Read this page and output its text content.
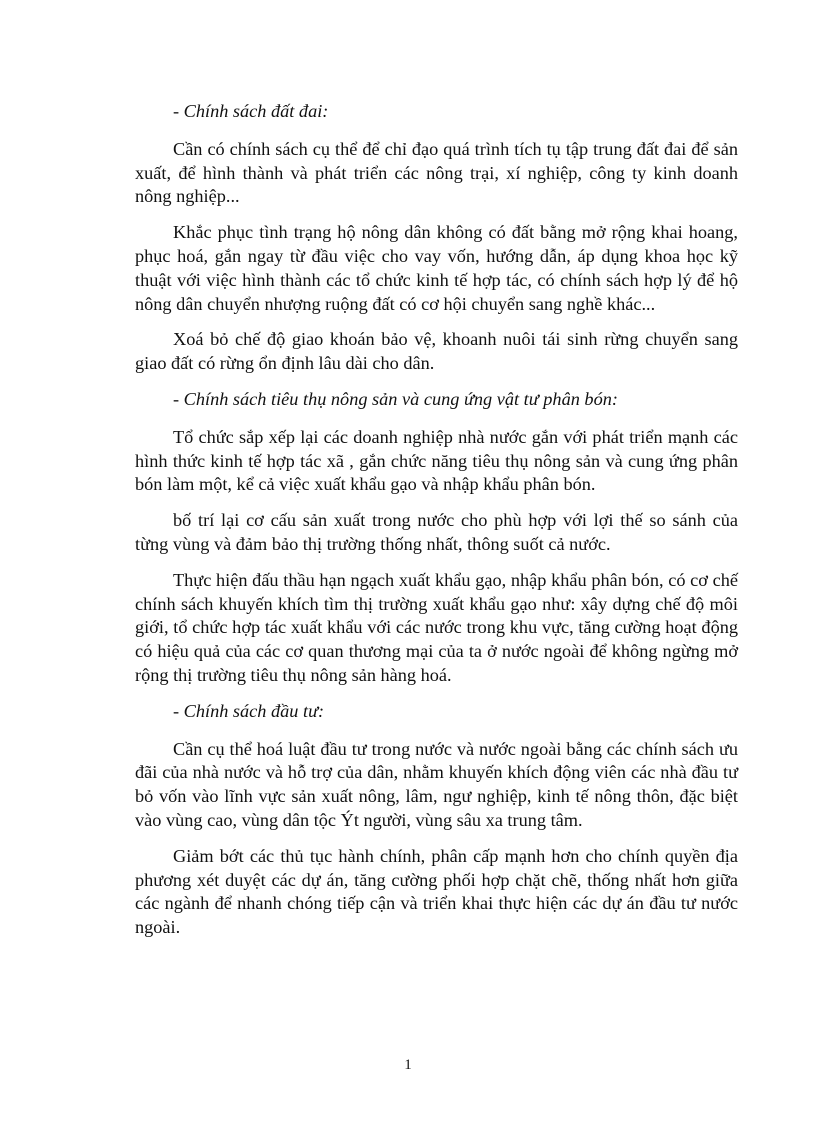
- Chính sách đất đai:

Cần có chính sách cụ thể để chỉ đạo quá trình tích tụ tập trung đất đai để sản xuất, để hình thành và phát triển các nông trại, xí nghiệp, công ty kinh doanh nông nghiệp...

Khắc phục tình trạng hộ nông dân không có đất bằng mở rộng khai hoang, phục hoá, gắn ngay từ đầu việc cho vay vốn, hướng dẫn, áp dụng khoa học kỹ thuật với việc hình thành các tổ chức kinh tế hợp tác, có chính sách hợp lý để hộ nông dân chuyển nhượng ruộng đất có cơ hội chuyển sang nghề khác...

Xoá bỏ chế độ giao khoán bảo vệ, khoanh nuôi tái sinh rừng chuyển sang giao đất có rừng ổn định lâu dài cho dân.

- Chính sách tiêu thụ nông sản và cung ứng vật tư phân bón:

Tổ chức sắp xếp lại các doanh nghiệp nhà nước gắn với phát triển mạnh các hình thức kinh tế hợp tác xã , gắn chức năng tiêu thụ nông sản và cung ứng phân bón làm một, kể cả việc xuất khẩu gạo và nhập khẩu phân bón.

bố trí lại cơ cấu sản xuất trong nước cho phù hợp với lợi thế so sánh của từng vùng và đảm bảo thị trường thống nhất, thông suốt cả nước.

Thực hiện đấu thầu hạn ngạch xuất khẩu gạo, nhập khẩu phân bón, có cơ chế chính sách khuyến khích tìm thị trường xuất khẩu gạo như: xây dựng chế độ môi giới, tổ chức hợp tác xuất khẩu với các nước trong khu vực, tăng cường hoạt động có hiệu quả của các cơ quan thương mại của ta ở nước ngoài để không ngừng mở rộng thị trường tiêu thụ nông sản hàng hoá.

- Chính sách đầu tư:

Cần cụ thể hoá luật đầu tư trong nước và nước ngoài bằng các chính sách ưu đãi của nhà nước và hỗ trợ của dân, nhằm khuyến khích động viên các nhà đầu tư bỏ vốn vào lĩnh vực sản xuất nông, lâm, ngư nghiệp, kinh tế nông thôn, đặc biệt vào vùng cao, vùng dân tộc Ýt người, vùng sâu xa trung tâm.

Giảm bớt các thủ tục hành chính, phân cấp mạnh hơn cho chính quyền địa phương xét duyệt các dự án, tăng cường phối hợp chặt chẽ, thống nhất hơn giữa các ngành để nhanh chóng tiếp cận và triển khai thực hiện các dự án đầu tư nước ngoài.

1
